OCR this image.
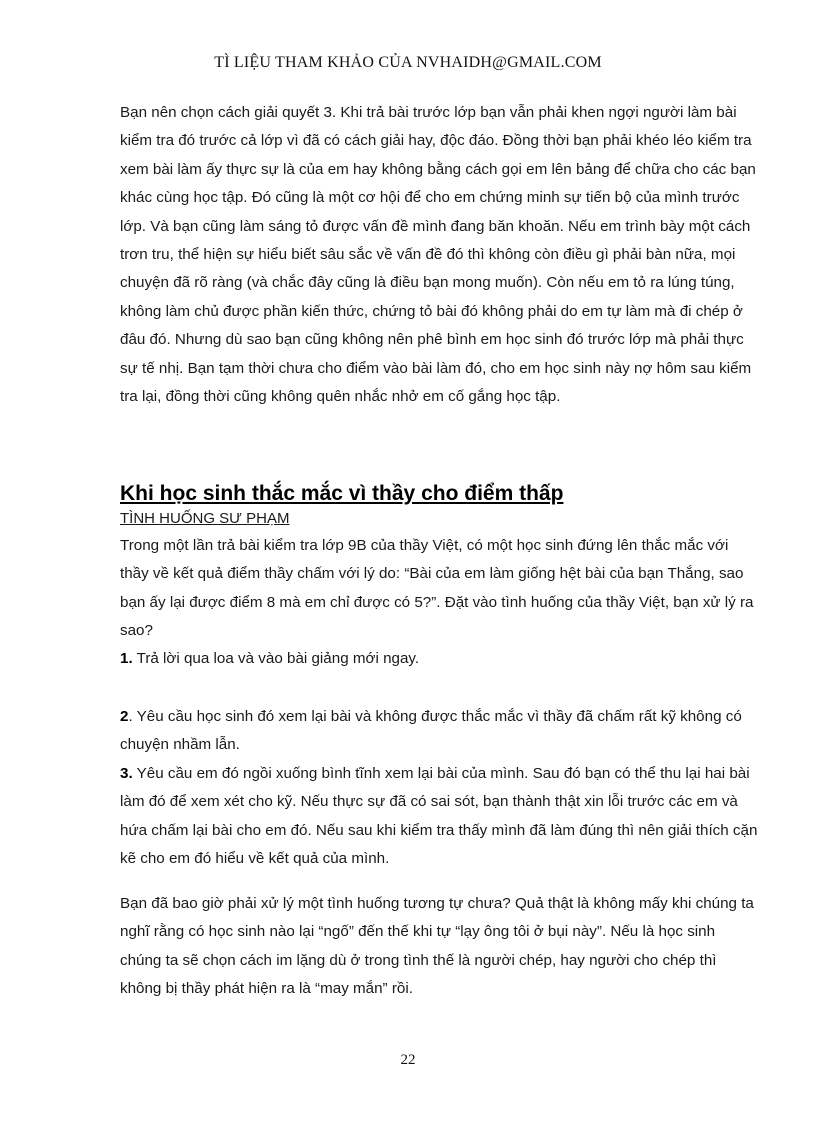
TÌ LIỆU THAM KHẢO CỦA NVHAIDH@GMAIL.COM

Bạn nên chọn cách giải quyết 3. Khi trả bài trước lớp bạn vẫn phải khen ngợi người làm bài kiểm tra đó trước cả lớp vì đã có cách giải hay, độc đáo. Đồng thời bạn phải khéo léo kiểm tra xem bài làm ấy thực sự là của em hay không bằng cách gọi em lên bảng để chữa cho các bạn khác cùng học tập. Đó cũng là một cơ hội để cho em chứng minh sự tiến bộ của mình trước lớp. Và bạn cũng làm sáng tỏ được vấn đề mình đang băn khoăn. Nếu em trình bày một cách trơn tru, thể hiện sự hiểu biết sâu sắc về vấn đề đó thì không còn điều gì phải bàn nữa, mọi chuyện đã rõ ràng (và chắc đây cũng là điều bạn mong muốn). Còn nếu em tỏ ra lúng túng, không làm chủ được phần kiến thức, chứng tỏ bài đó không phải do em tự làm mà đi chép ở đâu đó. Nhưng dù sao bạn cũng không nên phê bình em học sinh đó trước lớp mà phải thực sự tế nhị. Bạn tạm thời chưa cho điểm vào bài làm đó, cho em học sinh này nợ hôm sau kiểm tra lại, đồng thời cũng không quên nhắc nhở em cố gắng học tập.

Khi học sinh thắc mắc vì thầy cho điểm thấp

TÌNH HUỐNG SƯ PHẠM

Trong một lần trả bài kiểm tra lớp 9B của thầy Việt, có một học sinh đứng lên thắc mắc với thầy về kết quả điểm thầy chấm với lý do: “Bài của em làm giống hệt bài của bạn Thắng, sao bạn ấy lại được điểm 8 mà em chỉ được có 5?”. Đặt vào tình huống của thầy Việt, bạn xử lý ra sao?

1. Trả lời qua loa và vào bài giảng mới ngay.

2. Yêu cầu học sinh đó xem lại bài và không được thắc mắc vì thầy đã chấm rất kỹ không có chuyện nhầm lẫn.

3. Yêu cầu em đó ngồi xuống bình tĩnh xem lại bài của mình. Sau đó bạn có thể thu lại hai bài làm đó để xem xét cho kỹ. Nếu thực sự đã có sai sót, bạn thành thật xin lỗi trước các em và hứa chấm lại bài cho em đó. Nếu sau khi kiểm tra thấy mình đã làm đúng thì nên giải thích cặn kẽ cho em đó hiểu về kết quả của mình.

Bạn đã bao giờ phải xử lý một tình huống tương tự chưa? Quả thật là không mấy khi chúng ta nghĩ rằng có học sinh nào lại “ngố” đến thế khi tự “lạy ông tôi ở bụi này”. Nếu là học sinh chúng ta sẽ chọn cách im lặng dù ở trong tình thế là người chép, hay người cho chép thì không bị thầy phát hiện ra là “may mắn” rồi.

22
